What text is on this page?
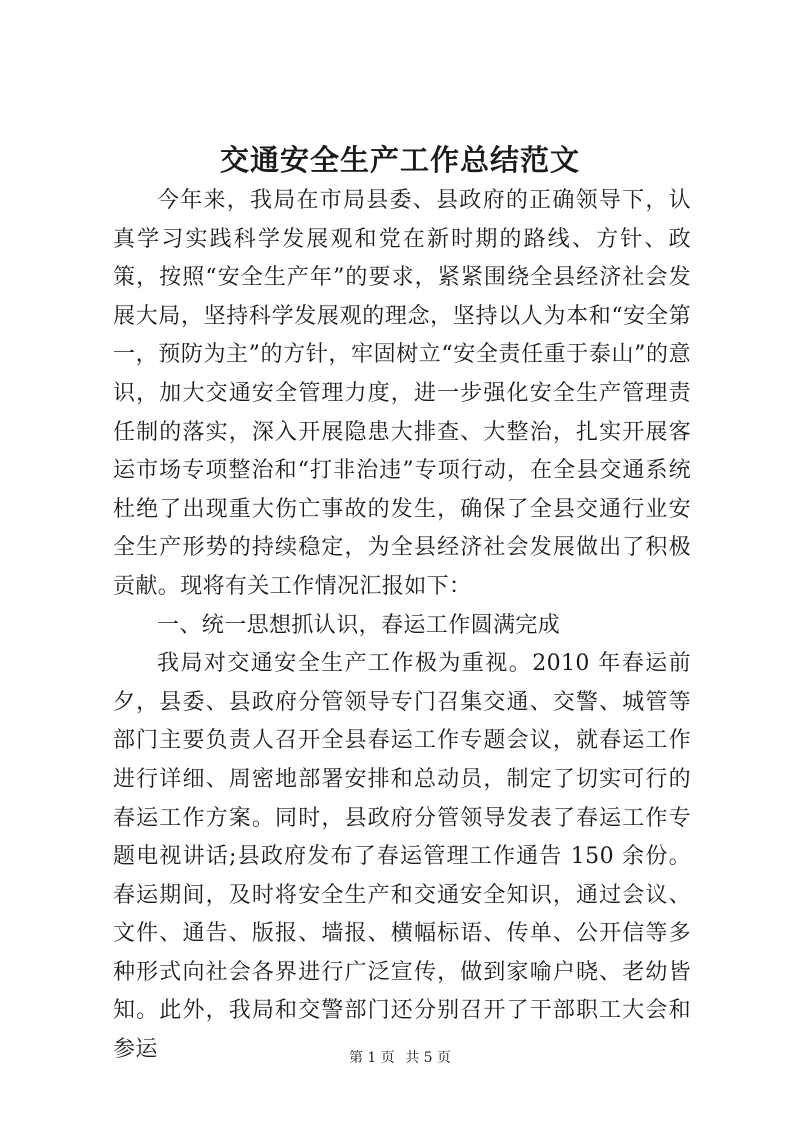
交通安全生产工作总结范文

今年来，我局在市局县委、县政府的正确领导下，认真学习实践科学发展观和党在新时期的路线、方针、政策，按照“安全生产年”的要求，紧紧围绕全县经济社会发展大局，坚持科学发展观的理念，坚持以人为本和“安全第一，预防为主”的方针，牢固树立“安全责任重于泰山”的意识，加大交通安全管理力度，进一步强化安全生产管理责任制的落实，深入开展隐患大排查、大整治，扎实开展客运市场专项整治和“打非治违”专项行动，在全县交通系统杜绝了出现重大伤亡事故的发生，确保了全县交通行业安全生产形势的持续稳定，为全县经济社会发展做出了积极贡献。现将有关工作情况汇报如下：

一、统一思想抓认识，春运工作圆满完成

我局对交通安全生产工作极为重视。2010 年春运前夕，县委、县政府分管领导专门召集交通、交警、城管等部门主要负责人召开全县春运工作专题会议，就春运工作进行详细、周密地部署安排和总动员，制定了切实可行的春运工作方案。同时，县政府分管领导发表了春运工作专题电视讲话;县政府发布了春运管理工作通告 150 余份。春运期间，及时将安全生产和交通安全知识，通过会议、文件、通告、版报、墙报、横幅标语、传单、公开信等多种形式向社会各界进行广泛宣传，做到家喻户晓、老幼皆知。此外，我局和交警部门还分别召开了干部职工大会和参运	第 1 页 共 5 页
